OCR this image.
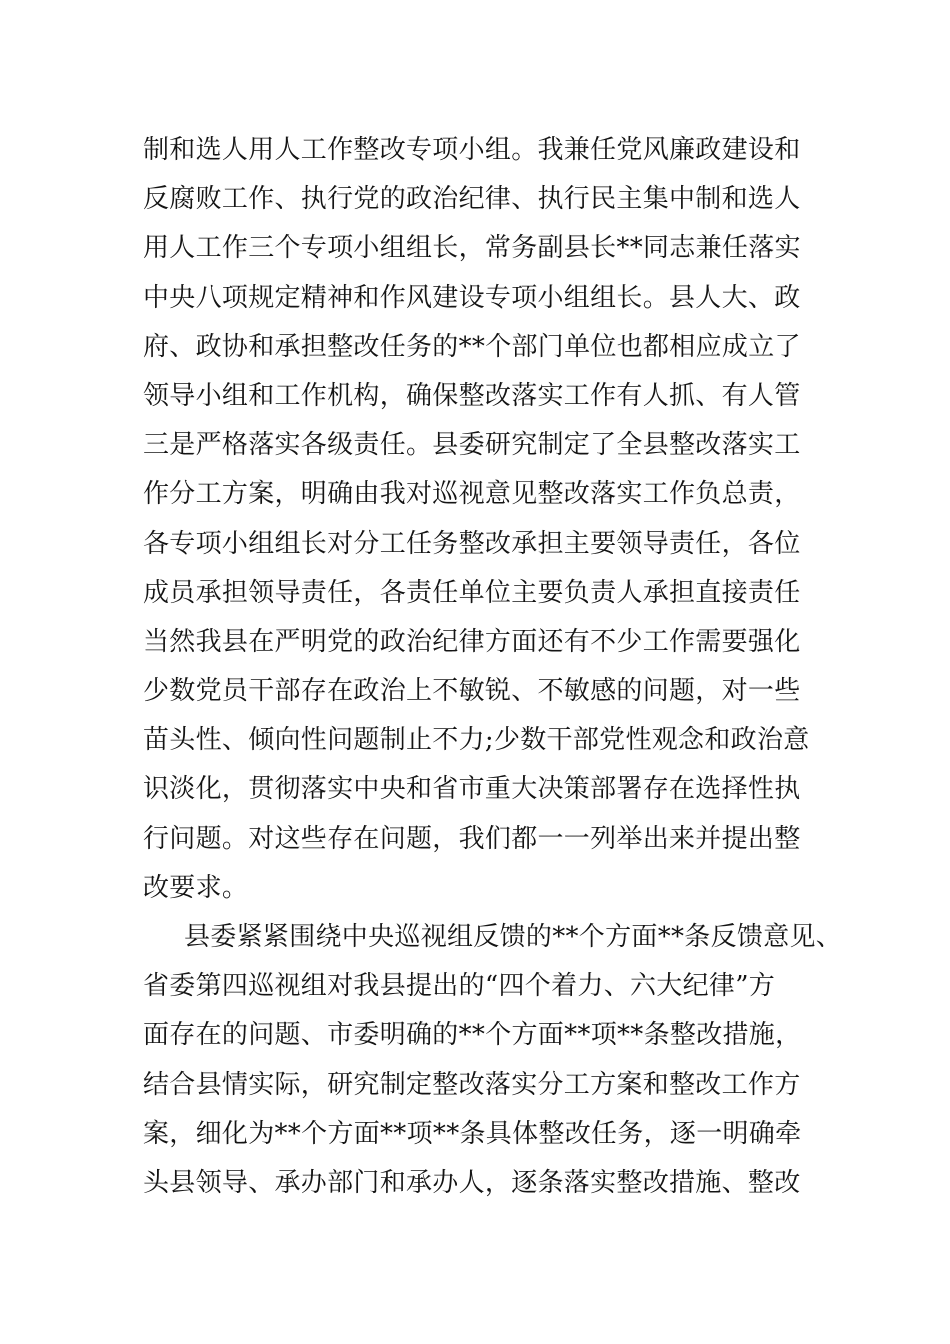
制和选人用人工作整改专项小组。我兼任党风廉政建设和
反腐败工作、执行党的政治纪律、执行民主集中制和选人
用人工作三个专项小组组长，常务副县长**同志兼任落实
中央八项规定精神和作风建设专项小组组长。县人大、政
府、政协和承担整改任务的**个部门单位也都相应成立了
领导小组和工作机构，确保整改落实工作有人抓、有人管
三是严格落实各级责任。县委研究制定了全县整改落实工
作分工方案，明确由我对巡视意见整改落实工作负总责，
各专项小组组长对分工任务整改承担主要领导责任，各位
成员承担领导责任，各责任单位主要负责人承担直接责任
当然我县在严明党的政治纪律方面还有不少工作需要强化
少数党员干部存在政治上不敏锐、不敏感的问题，对一些
苗头性、倾向性问题制止不力;少数干部党性观念和政治意
识淡化，贯彻落实中央和省市重大决策部署存在选择性执
行问题。对这些存在问题，我们都一一列举出来并提出整
改要求。
县委紧紧围绕中央巡视组反馈的**个方面**条反馈意见、
省委第四巡视组对我县提出的“四个着力、六大纪律”方
面存在的问题、市委明确的**个方面**项**条整改措施，
结合县情实际，研究制定整改落实分工方案和整改工作方
案，细化为**个方面**项**条具体整改任务，逐一明确牵
头县领导、承办部门和承办人，逐条落实整改措施、整改
